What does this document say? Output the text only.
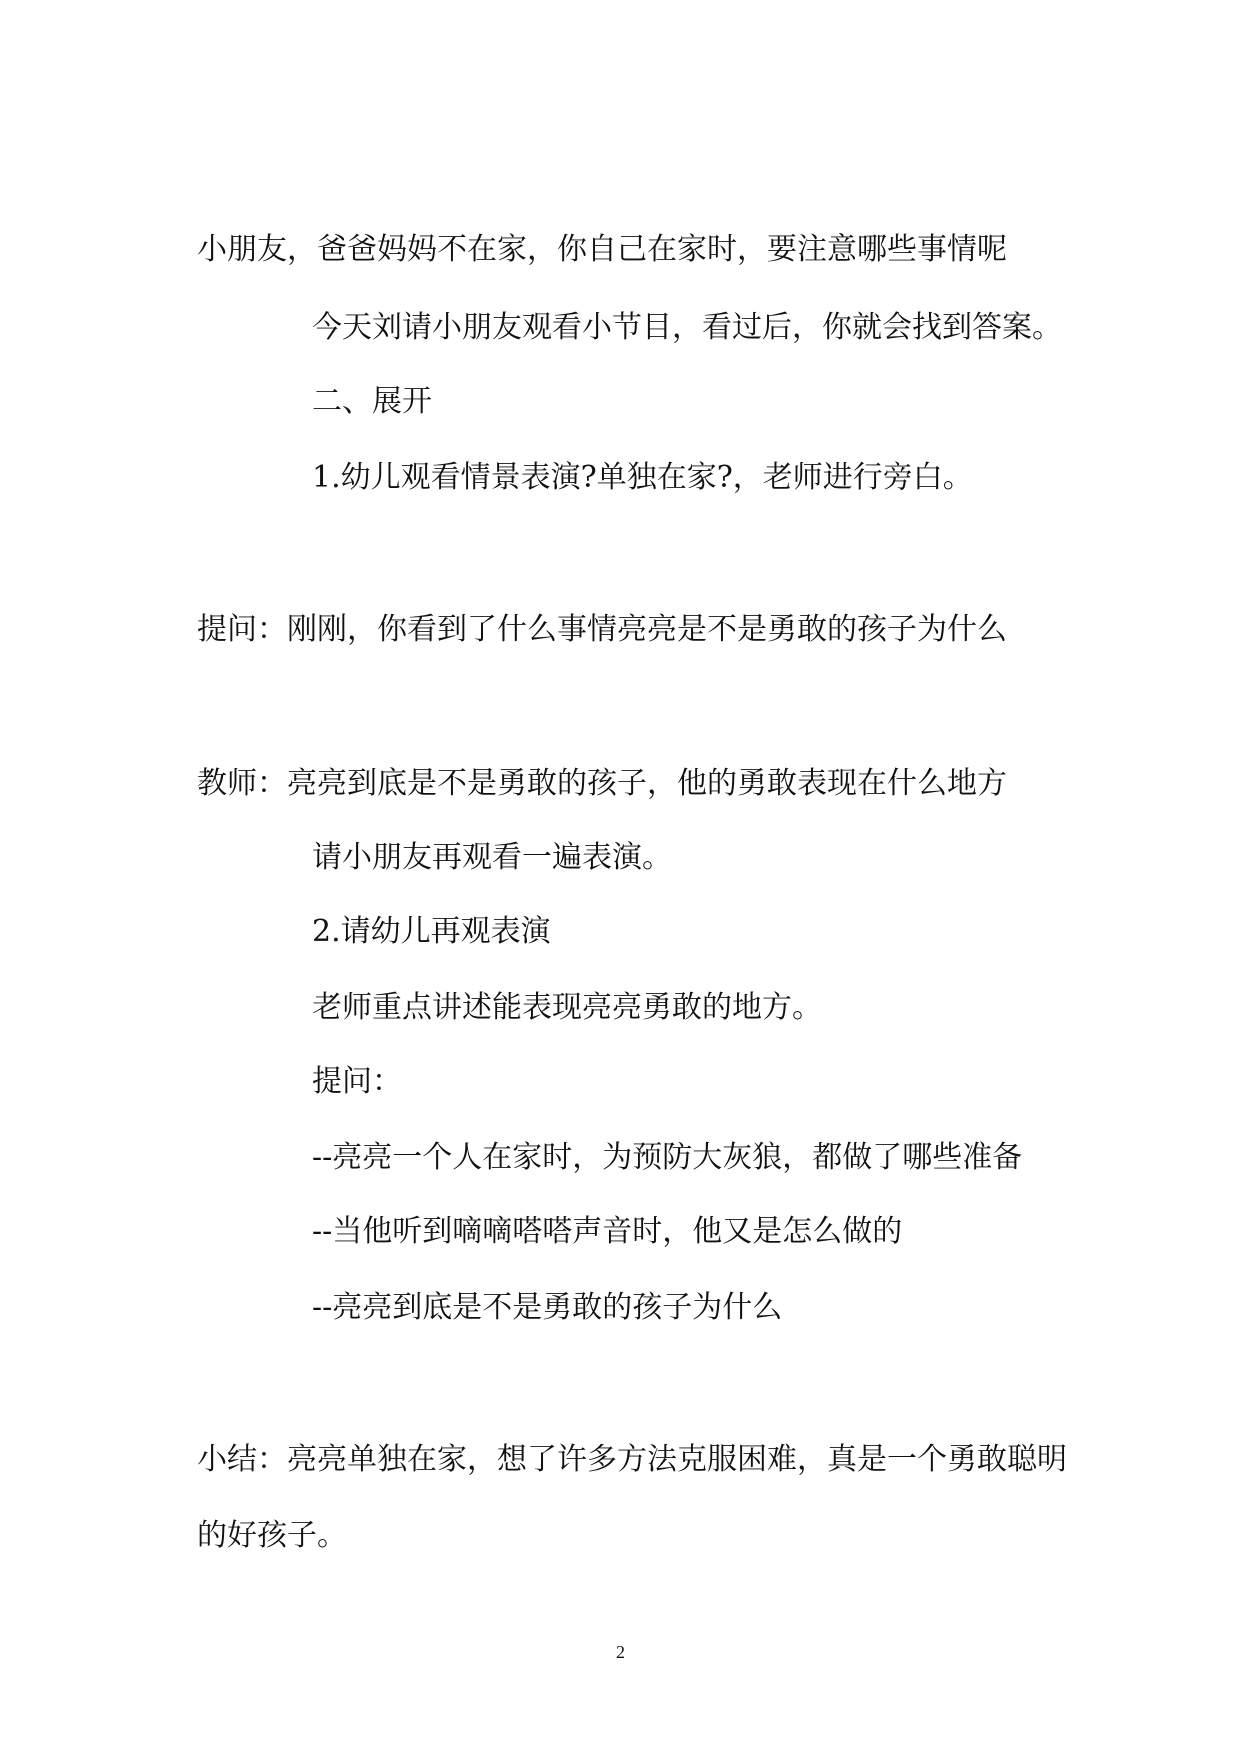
小朋友，爸爸妈妈不在家，你自己在家时，要注意哪些事情呢
今天刘请小朋友观看小节目，看过后，你就会找到答案。
二、展开
1.幼儿观看情景表演?单独在家?，老师进行旁白。
提问：刚刚，你看到了什么事情亮亮是不是勇敢的孩子为什么
教师：亮亮到底是不是勇敢的孩子，他的勇敢表现在什么地方
请小朋友再观看一遍表演。
2.请幼儿再观表演
老师重点讲述能表现亮亮勇敢的地方。
提问：
--亮亮一个人在家时，为预防大灰狼，都做了哪些准备
--当他听到嘀嘀嗒嗒声音时，他又是怎么做的
--亮亮到底是不是勇敢的孩子为什么
小结：亮亮单独在家，想了许多方法克服困难，真是一个勇敢聪明
的好孩子。
2
